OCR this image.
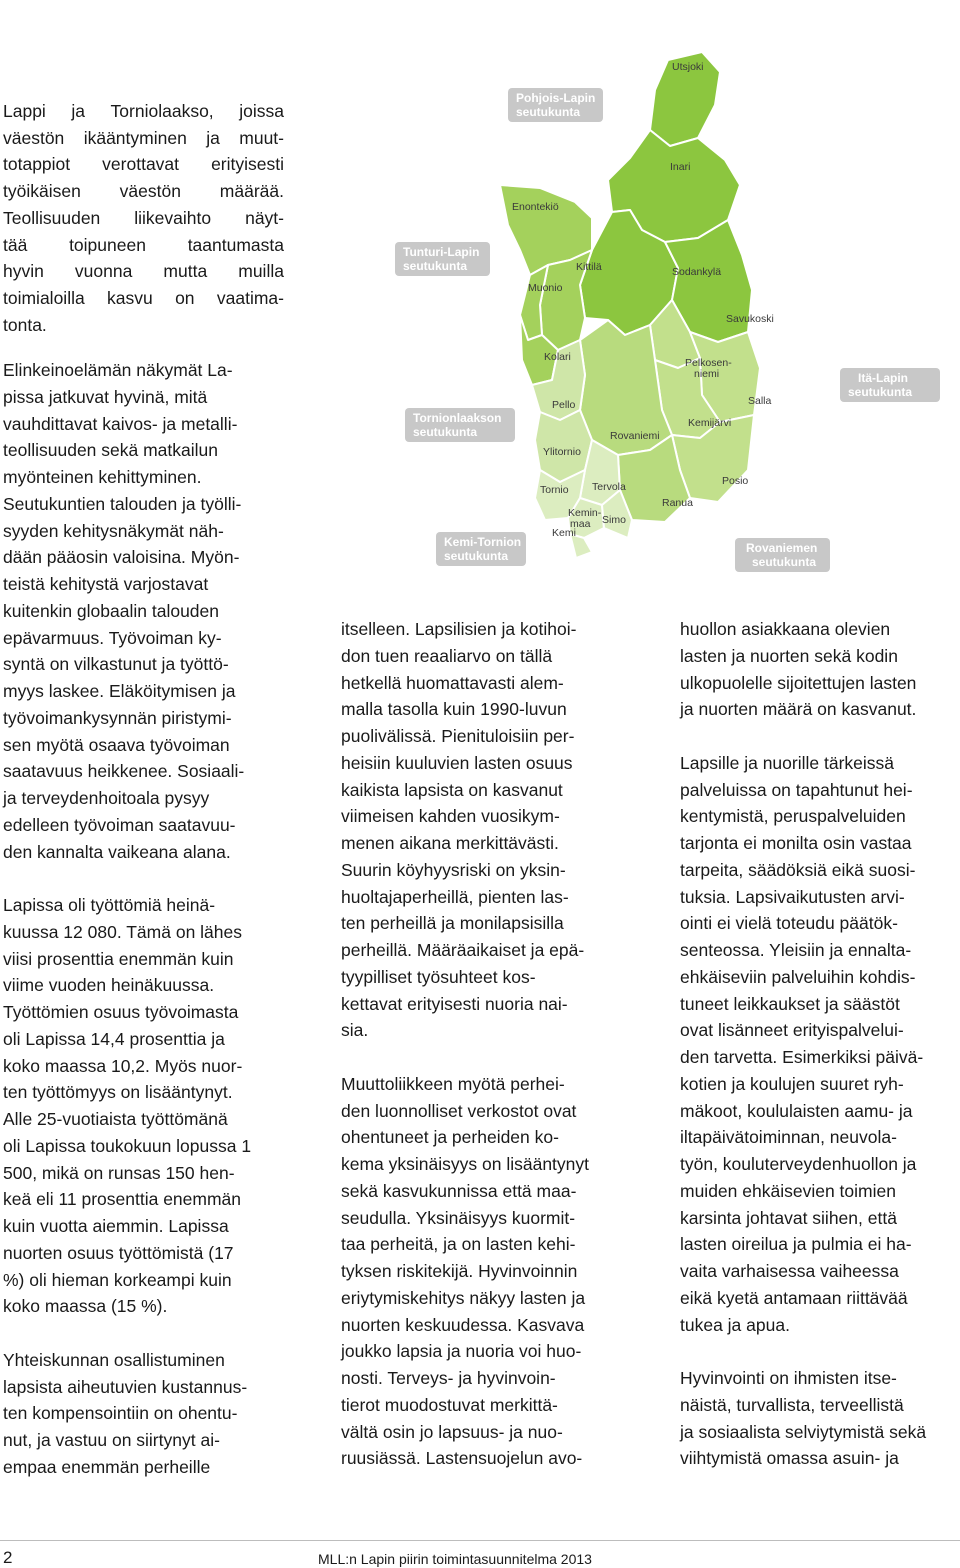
Lappi ja Torniolaakso, joissa
väestön ikääntyminen ja muut-
totappiot verottavat erityisesti
työikäisen väestön määrää.
Teollisuuden liikevaihto näyt-
tää toipuneen taantumasta
hyvin vuonna mutta muilla
toimialoilla kasvu on vaatima-
tonta.
Elinkeinoelämän näkymät La-
pissa jatkuvat hyvinä, mitä
vauhdittavat kaivos- ja metalli-
teollisuuden sekä matkailun
myönteinen kehittyminen.
Seutukuntien talouden ja työlli-
syyden kehitysnäkymät näh-
dään pääosin valoisina. Myön-
teistä kehitystä varjostavat
kuitenkin globaalin talouden
epävarmuus. Työvoiman ky-
syntä on vilkastunut ja työttö-
myys laskee. Eläköitymisen ja
työvoimankysynnän piristymi-
sen myötä osaava työvoiman
saatavuus heikkenee. Sosiaali-
ja terveydenhoitoala pysyy
edelleen työvoiman saatavuu-
den kannalta vaikeana alana.
Lapissa oli työttömiä heinä-
kuussa 12 080. Tämä on lähes
viisi prosenttia enemmän kuin
viime vuoden heinäkuussa.
Työttömien osuus työvoimasta
oli Lapissa 14,4 prosenttia ja
koko maassa 10,2. Myös nuor-
ten työttömyys on lisääntynyt.
Alle 25-vuotiaista työttömänä
oli Lapissa toukokuun lopussa 1
500, mikä on runsas 150 hen-
keä eli 11 prosenttia enemmän
kuin vuotta aiemmin. Lapissa
nuorten osuus työttömistä (17
%) oli hieman korkeampi kuin
koko maassa (15 %).
Yhteiskunnan osallistuminen
lapsista aiheutuvien kustannus-
ten kompensointiin on ohentu-
nut, ja vastuu on siirtynyt ai-
empaa enemmän perheille
itselleen. Lapsilisien ja kotihoi-
don tuen reaaliarvo on tällä
hetkellä huomattavasti alem-
malla tasolla kuin 1990-luvun
puolivälissä. Pienituloisiin per-
heisiin kuuluvien lasten osuus
kaikista lapsista on kasvanut
viimeisen kahden vuosikym-
menen aikana merkittävästi.
Suurin köyhyysriski on yksin-
huoltajaperheillä, pienten las-
ten perheillä ja monilapsisilla
perheillä. Määräaikaiset ja epä-
tyypilliset työsuhteet kos-
kettavat erityisesti nuoria nai-
sia.
Muuttoliikkeen myötä perhei-
den luonnolliset verkostot ovat
ohentuneet ja perheiden ko-
kema yksinäisyys on lisääntynyt
sekä kasvukunnissa että maa-
seudulla. Yksinäisyys kuormit-
taa perheitä, ja on lasten kehi-
tyksen riskitekijä. Hyvinvoinnin
eriytymiskehitys näkyy lasten ja
nuorten keskuudessa. Kasvava
joukko lapsia ja nuoria voi huo-
nosti. Terveys- ja hyvinvoin-
tierot muodostuvat merkittä-
vältä osin jo lapsuus- ja nuo-
ruusiässä. Lastensuojelun avo-
huollon asiakkaana olevien
lasten ja nuorten sekä kodin
ulkopuolelle sijoitettujen lasten
ja nuorten määrä on kasvanut.
Lapsille ja nuorille tärkeissä
palveluissa on tapahtunut hei-
kentymistä, peruspalveluiden
tarjonta ei monilta osin vastaa
tarpeita, säädöksiä eikä suosi-
tuksia. Lapsivaikutusten arvi-
ointi ei vielä toteudu päätök-
senteossa. Yleisiin ja ennalta-
ehkäiseviin palveluihin kohdis-
tuneet leikkaukset ja säästöt
ovat lisänneet erityispalvelui-
den tarvetta. Esimerkiksi päivä-
kotien ja koulujen suuret ryh-
mäkoot, koululaisten aamu- ja
iltapäivätoiminnan, neuvola-
työn, kouluterveydenhuollon ja
muiden ehkäisevien toimien
karsinta johtavat siihen, että
lasten oireilua ja pulmia ei ha-
vaita varhaisessa vaiheessa
eikä kyetä antamaan riittävää
tukea ja apua.
Hyvinvointi on ihmisten itse-
näistä, turvallista, terveellistä
ja sosiaalista selviytymistä sekä
viihtymistä omassa asuin- ja
Pohjois-Lapin
seutukunta
Tunturi-Lapin
seutukunta
Tornionlaakson
seutukunta
Kemi-Tornion
seutukunta
Itä-Lapin
seutukunta
Rovaniemen
seutukunta
Utsjoki
Inari
Enontekiö
Kittilä
Muonio
Sodankylä
Savukoski
Kolari	Pelkosen-
niemi
Salla
Pello
Kemijärvi
Rovaniemi
Ylitornio
Tornio Tervola	Posio
Kemin-
maa Simo
Ranua
Kemi
2	MLL:n Lapin piirin toimintasuunnitelma 2013
